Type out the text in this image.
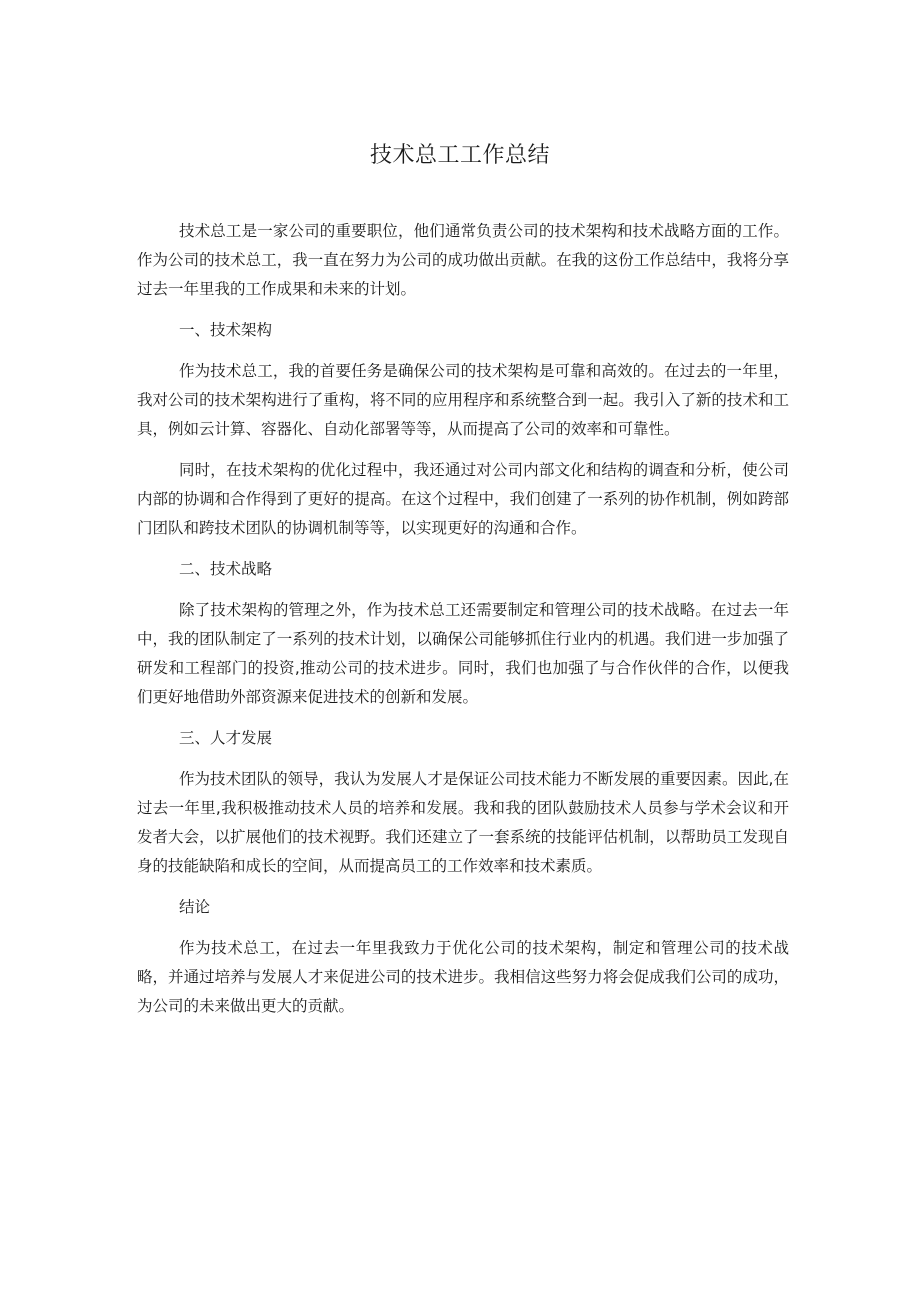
技术总工工作总结

技术总工是一家公司的重要职位，他们通常负责公司的技术架构和技术战略方面的工作。作为公司的技术总工，我一直在努力为公司的成功做出贡献。在我的这份工作总结中，我将分享过去一年里我的工作成果和未来的计划。

一、技术架构

作为技术总工，我的首要任务是确保公司的技术架构是可靠和高效的。在过去的一年里，我对公司的技术架构进行了重构，将不同的应用程序和系统整合到一起。我引入了新的技术和工具，例如云计算、容器化、自动化部署等等，从而提高了公司的效率和可靠性。

同时，在技术架构的优化过程中，我还通过对公司内部文化和结构的调查和分析，使公司内部的协调和合作得到了更好的提高。在这个过程中，我们创建了一系列的协作机制，例如跨部门团队和跨技术团队的协调机制等等，以实现更好的沟通和合作。

二、技术战略

除了技术架构的管理之外，作为技术总工还需要制定和管理公司的技术战略。在过去一年中，我的团队制定了一系列的技术计划，以确保公司能够抓住行业内的机遇。我们进一步加强了研发和工程部门的投资,推动公司的技术进步。同时，我们也加强了与合作伙伴的合作，以便我们更好地借助外部资源来促进技术的创新和发展。

三、人才发展

作为技术团队的领导，我认为发展人才是保证公司技术能力不断发展的重要因素。因此,在过去一年里,我积极推动技术人员的培养和发展。我和我的团队鼓励技术人员参与学术会议和开发者大会，以扩展他们的技术视野。我们还建立了一套系统的技能评估机制，以帮助员工发现自身的技能缺陷和成长的空间，从而提高员工的工作效率和技术素质。

结论

作为技术总工，在过去一年里我致力于优化公司的技术架构，制定和管理公司的技术战略，并通过培养与发展人才来促进公司的技术进步。我相信这些努力将会促成我们公司的成功，为公司的未来做出更大的贡献。
